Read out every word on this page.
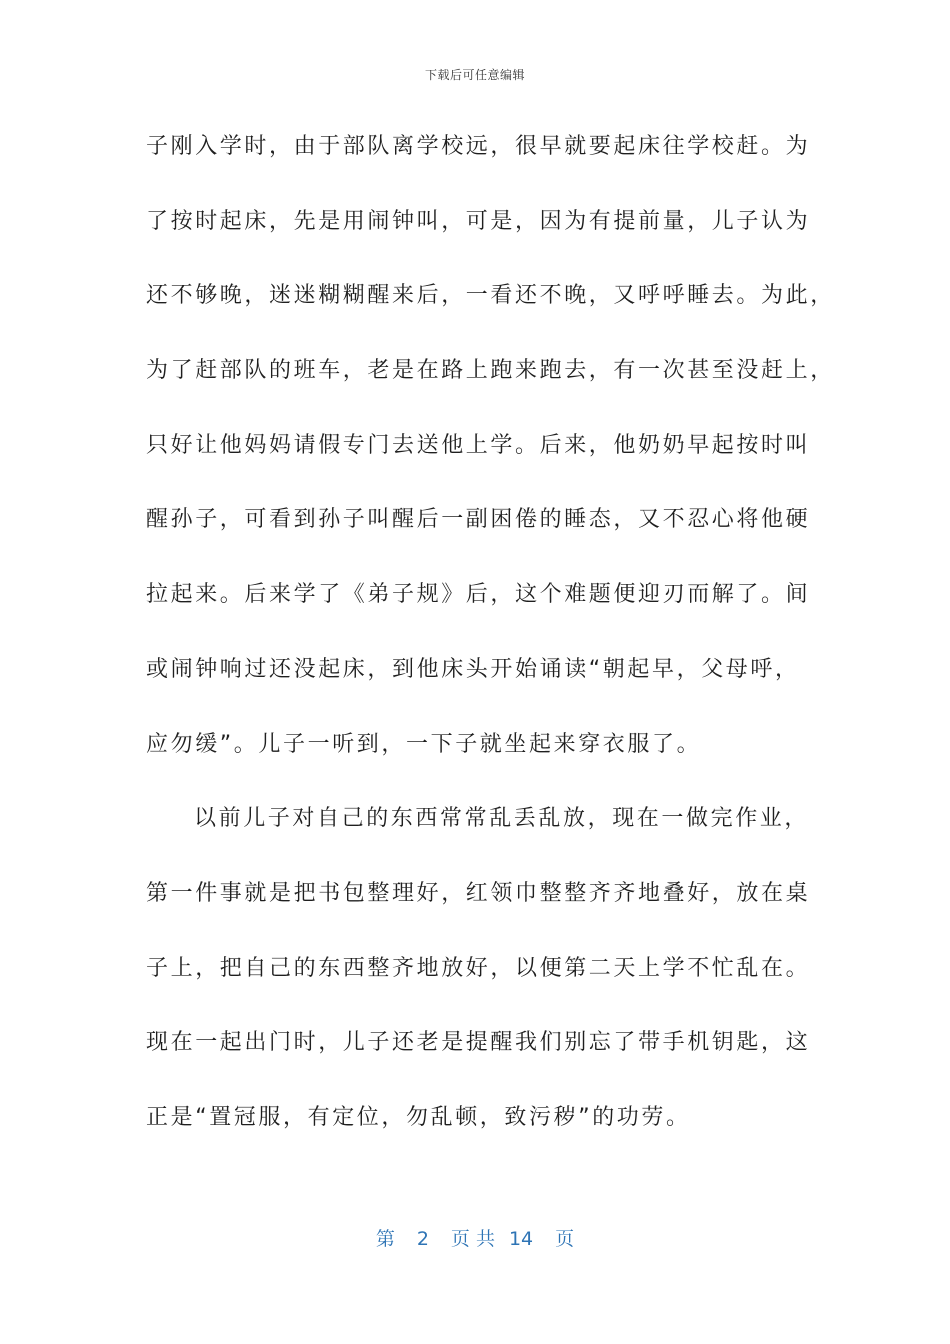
下载后可任意编辑
子刚入学时，由于部队离学校远，很早就要起床往学校赶。为
了按时起床，先是用闹钟叫，可是，因为有提前量，儿子认为
还不够晚，迷迷糊糊醒来后，一看还不晚，又呼呼睡去。为此，
为了赶部队的班车，老是在路上跑来跑去，有一次甚至没赶上，
只好让他妈妈请假专门去送他上学。后来，他奶奶早起按时叫
醒孙子，可看到孙子叫醒后一副困倦的睡态，又不忍心将他硬
拉起来。后来学了《弟子规》后，这个难题便迎刃而解了。间
或闹钟响过还没起床，到他床头开始诵读“朝起早，父母呼，
应勿缓”。儿子一听到，一下子就坐起来穿衣服了。
以前儿子对自己的东西常常乱丢乱放，现在一做完作业，
第一件事就是把书包整理好，红领巾整整齐齐地叠好，放在桌
子上，把自己的东西整齐地放好，以便第二天上学不忙乱在。
现在一起出门时，儿子还老是提醒我们别忘了带手机钥匙，这
正是“置冠服，有定位，勿乱顿，致污秽”的功劳。
第 2 页 共 14 页
